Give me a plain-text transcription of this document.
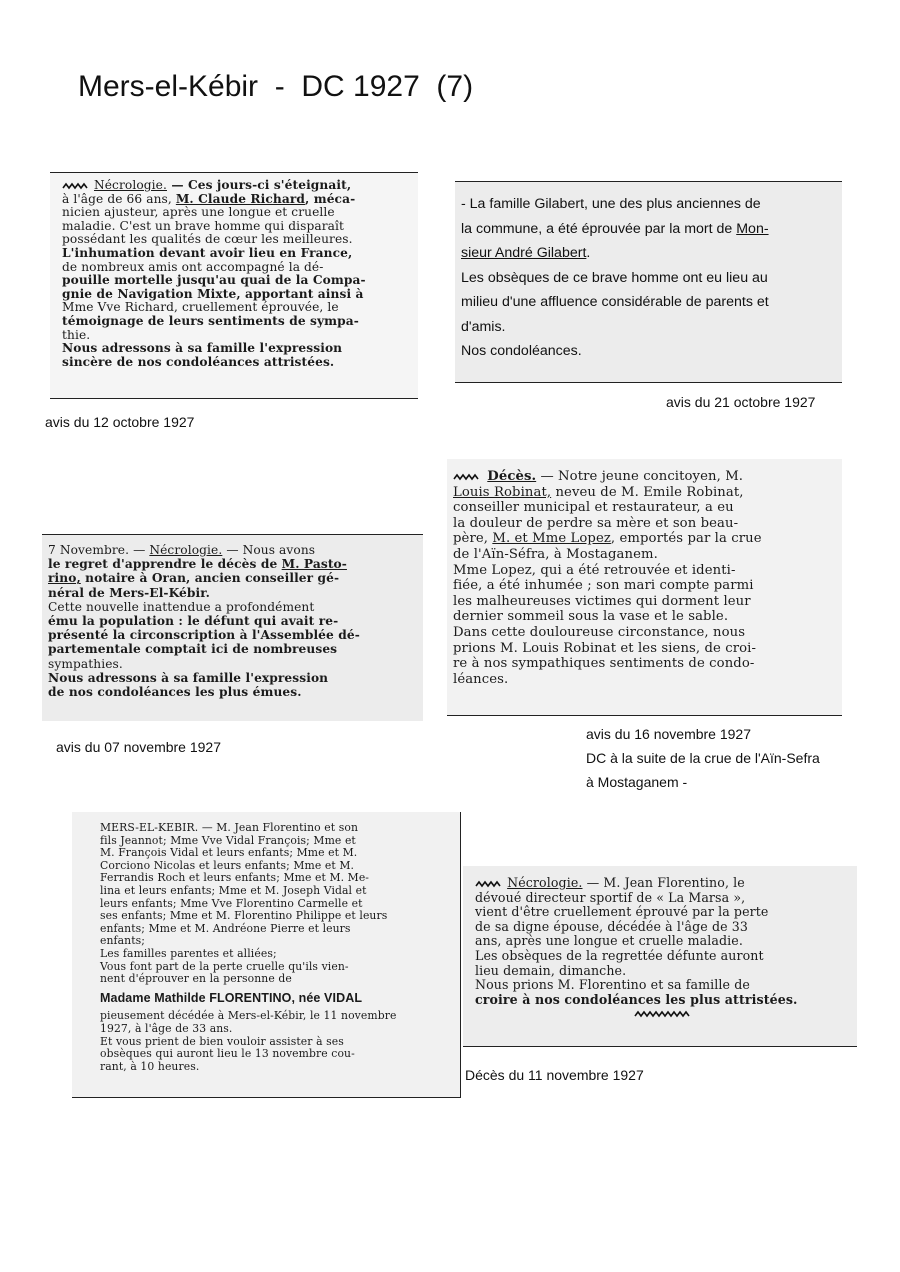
Mers-el-Kébir  -  DC 1927  (7)

Nécrologie. — Ces jours-ci s'éteignait,

à l'âge de 66 ans, M. Claude Richard, méca-

nicien ajusteur, après une longue et cruelle

maladie. C'est un brave homme qui disparaît

possédant les qualités de cœur les meilleures.

L'inhumation devant avoir lieu en France,

de nombreux amis ont accompagné la dé-

pouille mortelle jusqu'au quai de la Compa-

gnie de Navigation Mixte, apportant ainsi à

Mme Vve Richard, cruellement éprouvée, le

témoignage de leurs sentiments de sympa-

thie.

Nous adressons à sa famille l'expression

sincère de nos condoléances attristées.

avis du 12 octobre 1927

- La famille Gilabert, une des plus anciennes de

la commune, a été éprouvée par la mort de Mon-

sieur André Gilabert.

Les obsèques de ce brave homme ont eu lieu au

milieu d'une affluence considérable de parents et

d'amis.

Nos condoléances.

avis du 21 octobre 1927

7 Novembre. — Nécrologie. — Nous avons

le regret d'apprendre le décès de M. Pasto-

rino, notaire à Oran, ancien conseiller gé-

néral de Mers-El-Kébir.

Cette nouvelle inattendue a profondément

ému la population : le défunt qui avait re-

présenté la circonscription à l'Assemblée dé-

partementale comptait ici de nombreuses

sympathies.

Nous adressons à sa famille l'expression

de nos condoléances les plus émues.

avis du 07 novembre 1927

Décès. — Notre jeune concitoyen, M.

Louis Robinat, neveu de M. Emile Robinat,

conseiller municipal et restaurateur, a eu

la douleur de perdre sa mère et son beau-

père, M. et Mme Lopez, emportés par la crue

de l'Aïn-Séfra, à Mostaganem.

Mme Lopez, qui a été retrouvée et identi-

fiée, a été inhumée ; son mari compte parmi

les malheureuses victimes qui dorment leur

dernier sommeil sous la vase et le sable.

Dans cette douloureuse circonstance, nous

prions M. Louis Robinat et les siens, de croi-

re à nos sympathiques sentiments de condo-

léances.

avis du 16 novembre 1927
DC à la suite de la crue de l'Aïn-Sefra
à Mostaganem -

MERS-EL-KEBIR. — M. Jean Florentino et son

fils Jeannot; Mme Vve Vidal François; Mme et

M. François Vidal et leurs enfants; Mme et M.

Corciono Nicolas et leurs enfants; Mme et M.

Ferrandis Roch et leurs enfants; Mme et M. Me-

lina et leurs enfants; Mme et M. Joseph Vidal et

leurs enfants; Mme Vve Florentino Carmelle et

ses enfants; Mme et M. Florentino Philippe et leurs

enfants; Mme et M. Andréone Pierre et leurs

enfants;

Les familles parentes et alliées;

Vous font part de la perte cruelle qu'ils vien-

nent d'éprouver en la personne de

Madame Mathilde FLORENTINO, née VIDAL

pieusement décédée à Mers-el-Kébir, le 11 novembre

1927, à l'âge de 33 ans.

Et vous prient de bien vouloir assister à ses

obsèques qui auront lieu le 13 novembre cou-

rant, à 10 heures.

Nécrologie. — M. Jean Florentino, le

dévoué directeur sportif de « La Marsa »,

vient d'être cruellement éprouvé par la perte

de sa digne épouse, décédée à l'âge de 33

ans, après une longue et cruelle maladie.

Les obsèques de la regrettée défunte auront

lieu demain, dimanche.

Nous prions M. Florentino et sa famille de

croire à nos condoléances les plus attristées.

Décès du 11 novembre 1927
